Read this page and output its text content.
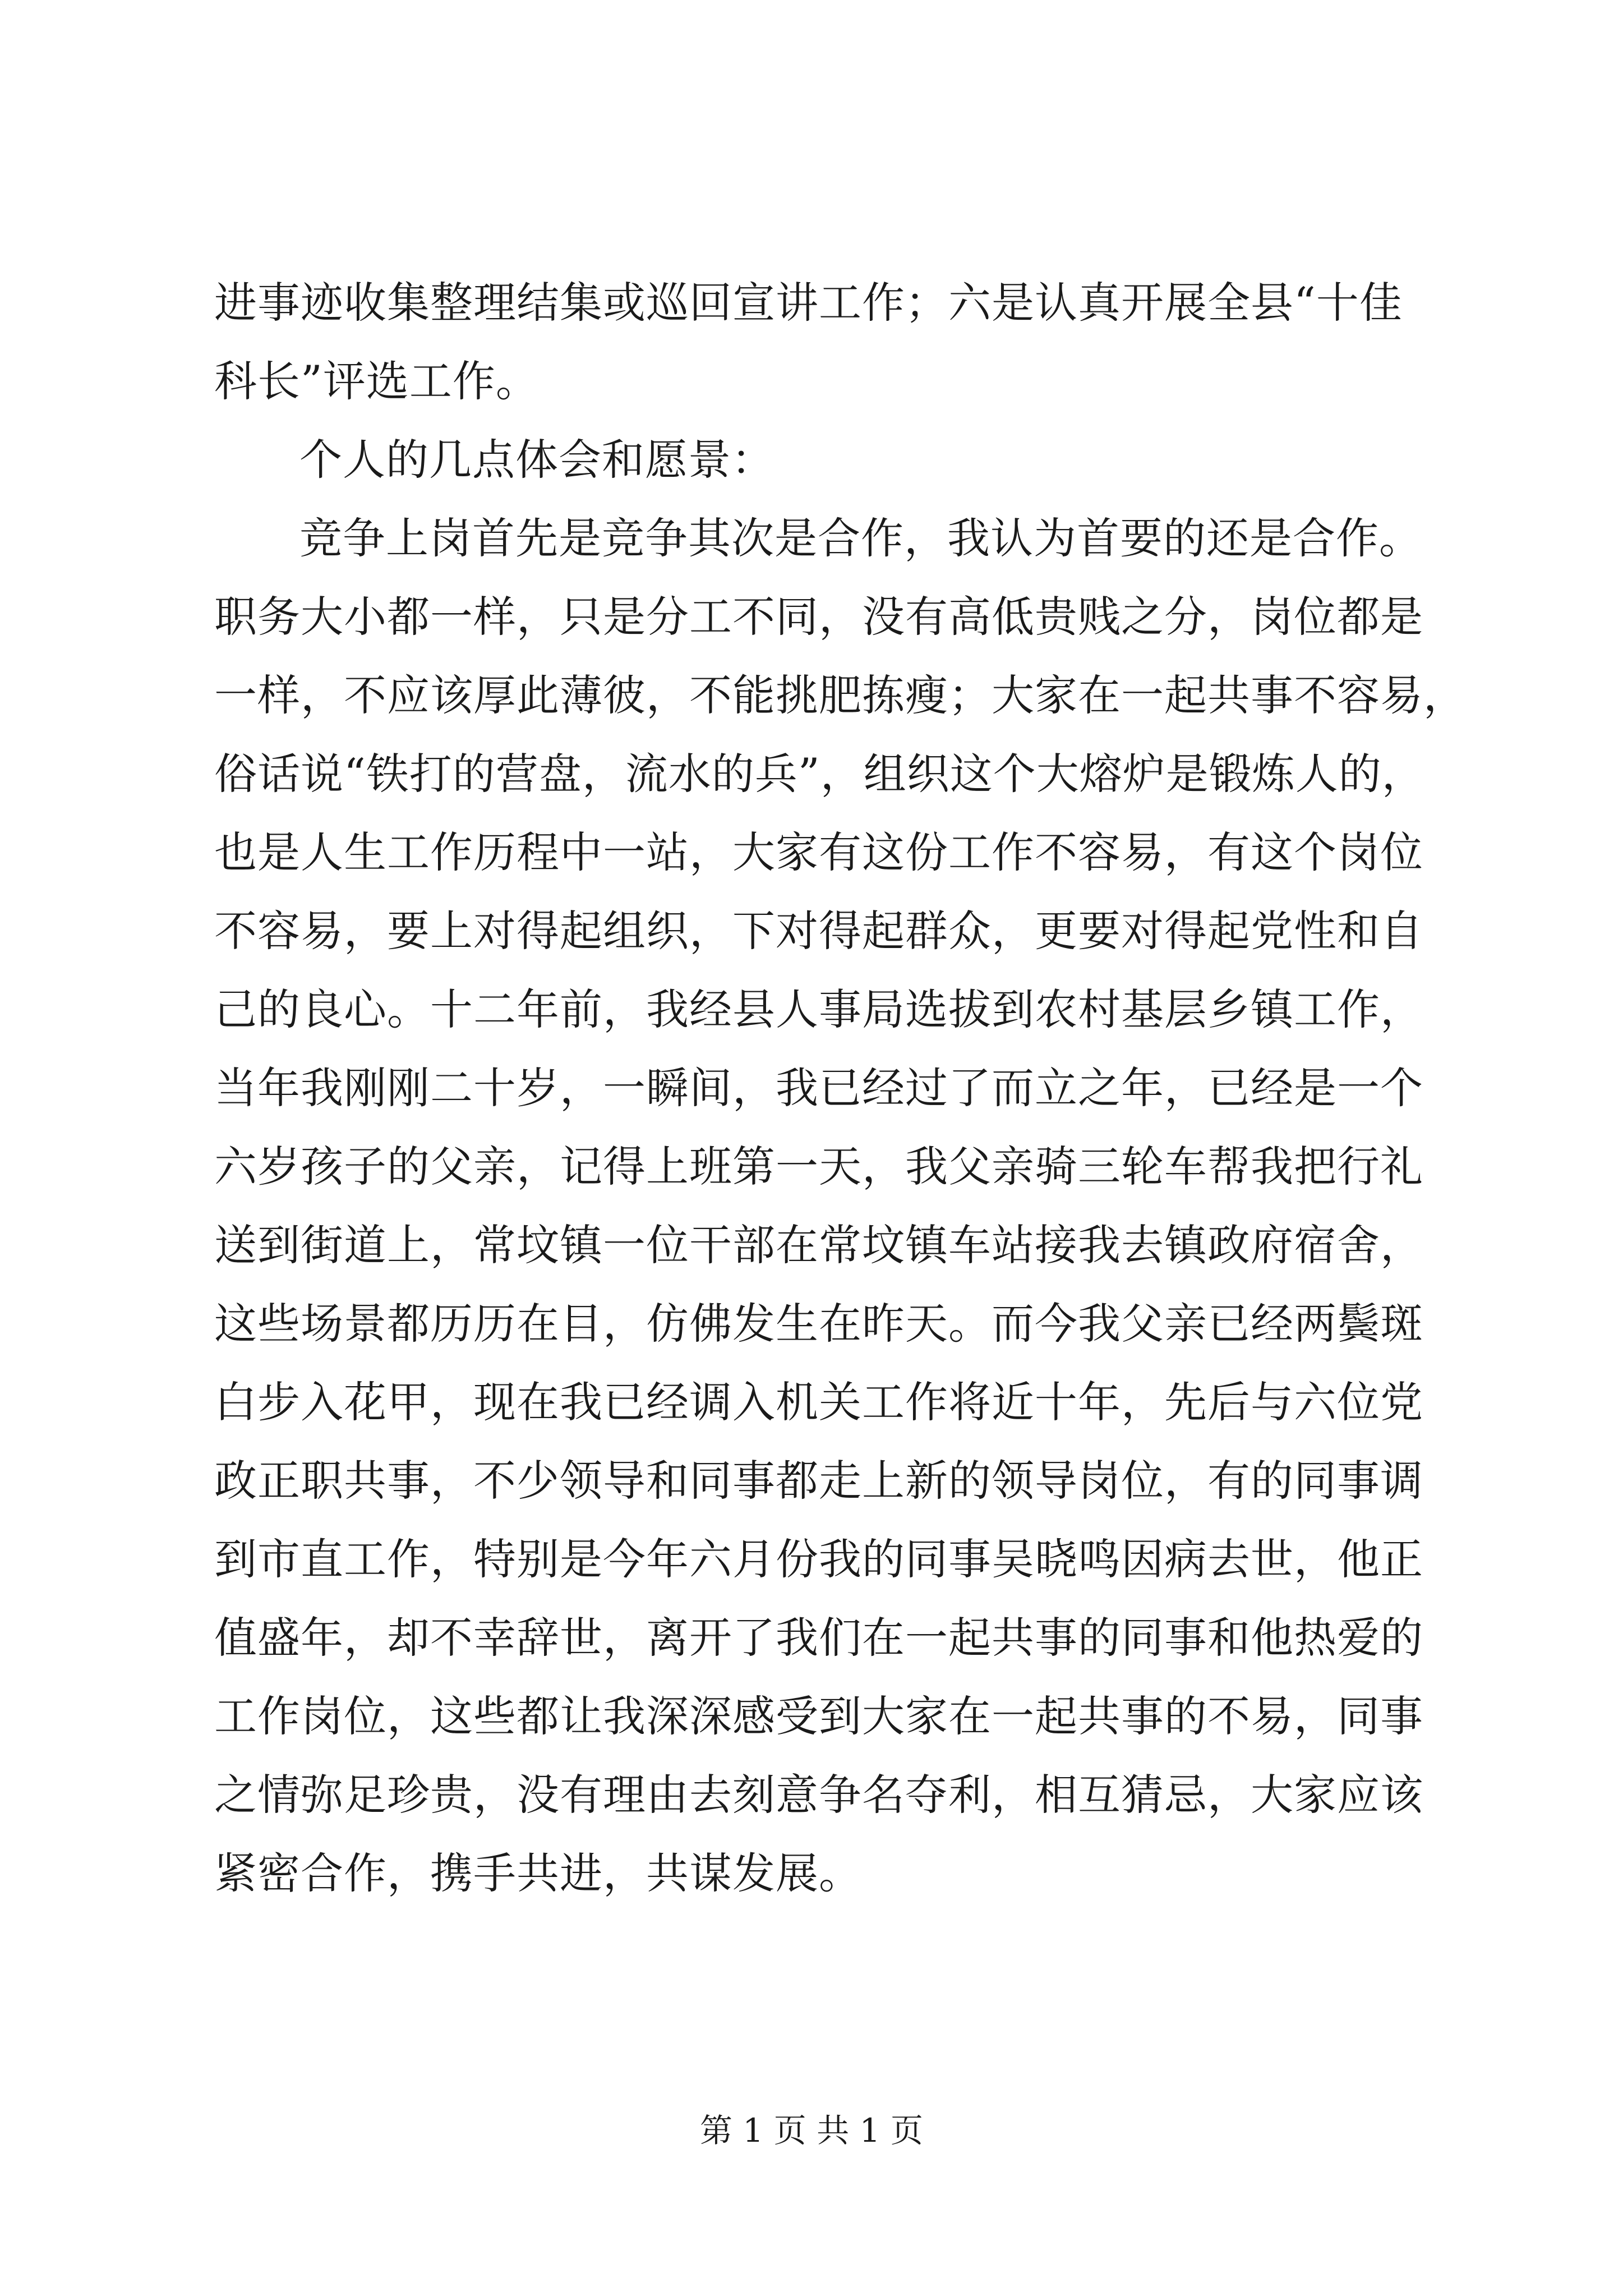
进事迹收集整理结集或巡回宣讲工作；六是认真开展全县“十佳
科长”评选工作。
个人的几点体会和愿景：
竞争上岗首先是竞争其次是合作，我认为首要的还是合作。
职务大小都一样，只是分工不同，没有高低贵贱之分，岗位都是
一样，不应该厚此薄彼，不能挑肥拣瘦；大家在一起共事不容易，
俗话说“铁打的营盘，流水的兵”，组织这个大熔炉是锻炼人的，
也是人生工作历程中一站，大家有这份工作不容易，有这个岗位
不容易，要上对得起组织，下对得起群众，更要对得起党性和自
己的良心。十二年前，我经县人事局选拔到农村基层乡镇工作，
当年我刚刚二十岁，一瞬间，我已经过了而立之年，已经是一个
六岁孩子的父亲，记得上班第一天，我父亲骑三轮车帮我把行礼
送到街道上，常坟镇一位干部在常坟镇车站接我去镇政府宿舍，
这些场景都历历在目，仿佛发生在昨天。而今我父亲已经两鬓斑
白步入花甲，现在我已经调入机关工作将近十年，先后与六位党
政正职共事，不少领导和同事都走上新的领导岗位，有的同事调
到市直工作，特别是今年六月份我的同事吴晓鸣因病去世，他正
值盛年，却不幸辞世，离开了我们在一起共事的同事和他热爱的
工作岗位，这些都让我深深感受到大家在一起共事的不易，同事
之情弥足珍贵，没有理由去刻意争名夺利，相互猜忌，大家应该
紧密合作，携手共进，共谋发展。
第 1 页 共 1 页
